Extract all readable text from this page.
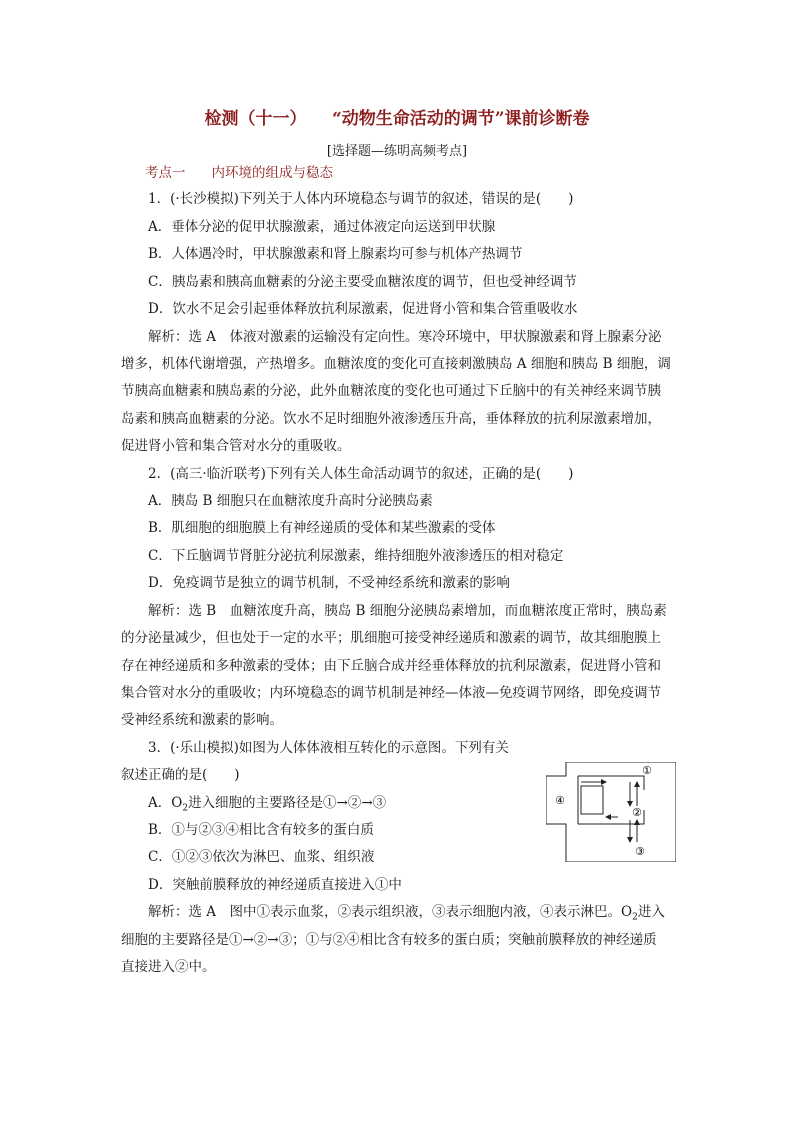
检测（十一）　　“动物生命活动的调节”课前诊断卷
[选择题—练明高频考点]
考点一 内环境的组成与稳态
1．(·长沙模拟)下列关于人体内环境稳态与调节的叙述，错误的是(　　)
A．垂体分泌的促甲状腺激素，通过体液定向运送到甲状腺
B．人体遇冷时，甲状腺激素和肾上腺素均可参与机体产热调节
C．胰岛素和胰高血糖素的分泌主要受血糖浓度的调节，但也受神经调节
D．饮水不足会引起垂体释放抗利尿激素，促进肾小管和集合管重吸收水
解析：选 A　体液对激素的运输没有定向性。寒冷环境中，甲状腺激素和肾上腺素分泌
增多，机体代谢增强，产热增多。血糖浓度的变化可直接刺激胰岛 A 细胞和胰岛 B 细胞，调
节胰高血糖素和胰岛素的分泌，此外血糖浓度的变化也可通过下丘脑中的有关神经来调节胰
岛素和胰高血糖素的分泌。饮水不足时细胞外液渗透压升高，垂体释放的抗利尿激素增加，
促进肾小管和集合管对水分的重吸收。
2．(高三·临沂联考)下列有关人体生命活动调节的叙述，正确的是(　　)
A．胰岛 B 细胞只在血糖浓度升高时分泌胰岛素
B．肌细胞的细胞膜上有神经递质的受体和某些激素的受体
C．下丘脑调节肾脏分泌抗利尿激素，维持细胞外液渗透压的相对稳定
D．免疫调节是独立的调节机制，不受神经系统和激素的影响
解析：选 B　血糖浓度升高，胰岛 B 细胞分泌胰岛素增加，而血糖浓度正常时，胰岛素
的分泌量减少，但也处于一定的水平；肌细胞可接受神经递质和激素的调节，故其细胞膜上
存在神经递质和多种激素的受体；由下丘脑合成并经垂体释放的抗利尿激素，促进肾小管和
集合管对水分的重吸收；内环境稳态的调节机制是神经—体液—免疫调节网络，即免疫调节
受神经系统和激素的影响。
3．(·乐山模拟)如图为人体体液相互转化的示意图。下列有关
叙述正确的是(　　)
A．$O_2$进入细胞的主要路径是①→②→③
B．①与②③④相比含有较多的蛋白质
C．①②③依次为淋巴、血浆、组织液
D．突触前膜释放的神经递质直接进入①中
解析：选 A　图中①表示血浆，②表示组织液，③表示细胞内液，④表示淋巴。$O_2$进入
细胞的主要路径是①→②→③；①与②④相比含有较多的蛋白质；突触前膜释放的神经递质
直接进入②中。
①
②
③
④
